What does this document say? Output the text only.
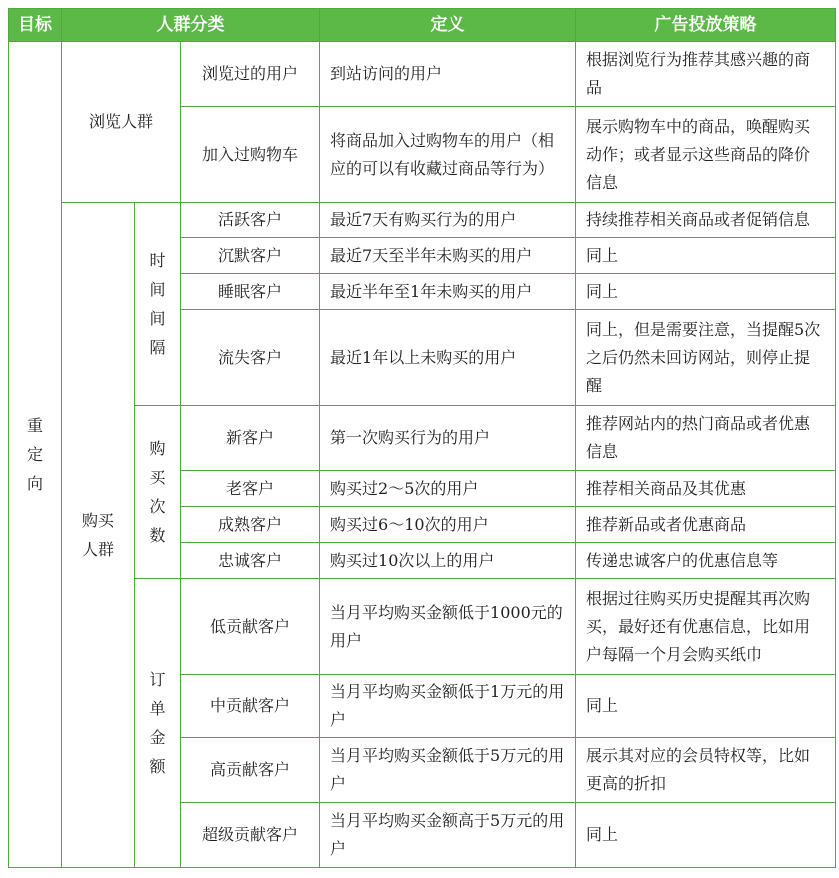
目标	人群分类			定义	广告投放策略
重定向	浏览人群		浏览过的用户	到站访问的用户	根据浏览行为推荐其感兴趣的商品
			加入过购物车	将商品加入过购物车的用户（相应的可以有收藏过商品等行为）	展示购物车中的商品，唤醒购买动作；或者显示这些商品的降价信息
	购买人群	时间间隔	活跃客户	最近7天有购买行为的用户	持续推荐相关商品或者促销信息
			沉默客户	最近7天至半年未购买的用户	同上
			睡眠客户	最近半年至1年未购买的用户	同上
			流失客户	最近1年以上未购买的用户	同上，但是需要注意，当提醒5次之后仍然未回访网站，则停止提醒
		购买次数	新客户	第一次购买行为的用户	推荐网站内的热门商品或者优惠信息
			老客户	购买过2～5次的用户	推荐相关商品及其优惠
			成熟客户	购买过6～10次的用户	推荐新品或者优惠商品
			忠诚客户	购买过10次以上的用户	传递忠诚客户的优惠信息等
		订单金额	低贡献客户	当月平均购买金额低于1000元的用户	根据过往购买历史提醒其再次购买，最好还有优惠信息，比如用户每隔一个月会购买纸巾
			中贡献客户	当月平均购买金额低于1万元的用户	同上
			高贡献客户	当月平均购买金额低于5万元的用户	展示其对应的会员特权等，比如更高的折扣
			超级贡献客户	当月平均购买金额高于5万元的用户	同上
